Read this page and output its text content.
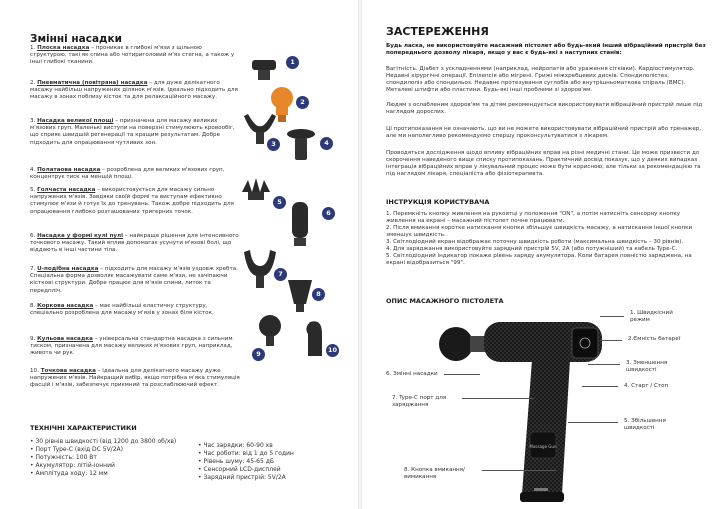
Змінні насадки
1. Плоска насадка – проникає в глибокі м'язи з щільною структурою, такі як спина або чотириголовий м'яз стегна, а також у інші глибокі тканини.
2. Пневматична (повітряна) насадка – для дуже делікатного масажу найбільш напружених ділянок м'язів. Ідеально підходить для масажу в зонах поблизу кісток та для релаксаційного масажу.
3. Насадка великої площі – призначена для масажу великих м'язових груп. Маленькі виступи на поверхні стимулюють кровообіг, що сприяє швидшій регенерації та кращим результатам. Добре підходить для опрацювання чутливих зон.
4. Полатаова насадка – розроблена для великих м'язових груп, концентрує тиск на меншій площі.
5. Голчаста насадка – використовується для масажу сильно напружених м'язів. Завдяки своїй формі та виступам ефективно стимулює м'язи й готує їх до тренувань. Також добре підходить для опрацювання глибоко розташованих тригерних точок.
6. Насадка у формі кулі пулі – найкраще рішення для інтенсивного точкового масажу. Такий вплив допомагає усунути м'язові болі, що віддають в інші частини тіла.
7. U-подібна насадка – підходить для масажу м'язів уздовж хребта. Спеціальна форма дозволяє масажувати саме м'язи, не зачіпаючи кісткові структури. Добре працює для м'язів спини, литок та передпліч.
8. Коркова насадка – має найбільші еластичну структуру, спеціально розроблена для масажу м'язів у зонах біля кісток.
9. Кульова насадка – універсальна стандартна насадка з сильним тиском, призначена для масажу великих м'язових груп, наприклад, живота чи рук.
10. Точкова насадка – ідеальна для делікатного масажу дуже напружених м'язів. Найкращий вибір, якщо потрібна м'яка стимуляція фасцій і м'язів, забезпечує приємний та розслаблюючий ефект.
1
2
3	4
5
6
7
8
9	10
ТЕХНІЧНІ ХАРАКТЕРИСТИКИ
• 30 рівнів швидкості (від 1200 до 3800 об/хв)
• Порт Type-C (вхід DC 5V/2A)
• Потужність: 100 Вт
• Акумулятор: літій-іонний
• Амплітуда ходу: 12 мм
• Час зарядки: 60-90 хв
• Час роботи: від 1 до 5 годин
• Рівень шуму: 45-65 дБ
• Сенсорний LCD-дисплей
• Зарядний пристрій: 5V/2A
ЗАСТЕРЕЖЕННЯ
Будь ласка, не використовуйте масажний пістолет або будь-який інший вібраційний пристрій без попереднього дозволу лікаря, якщо у вас є будь-які з наступних станів:
Вагітність. Діабет з ускладненнями (наприклад, нейропатія або ураження сітківки). Кардіостимулятор. Недавні хірургічні операції. Епілепсія або мігрені. Грижі міжхребцевих дисків. Спондилолістез, спондилоліз або спондильоз. Недавнє протезування суглобів або внутрішньоматкова спіраль (ВМС). Металеві штифти або пластини. Будь-які інші проблеми зі здоров'ям.
Людям з ослабленим здоров'ям та дітям рекомендується використовувати вібраційний пристрій лише під наглядом дорослих.
Ці протипоказання не означають, що ви не можете використовувати вібраційний пристрій або тренажер, але ми наполегливо рекомендуємо спершу проконсультуватися з лікарем.
Проводяться дослідження щодо впливу вібраційних вправ на різні медичні стани. Це може призвести до скорочення наведеного вище списку протипоказань. Практичний досвід показує, що у деяких випадках інтеграція вібраційних вправ у лікувальний процес може бути корисною, але тільки за рекомендацією та під наглядом лікаря, спеціаліста або фізіотерапевта.
ІНСТРУКЦІЯ КОРИСТУВАЧА
1. Перемкніть кнопку живлення на рукоятці у положення "ON", а потім натисніть сенсорну кнопку живлення на екрані – масажний пістолет почне працювати.
2. Після вмикання коротке натискання кнопки збільшує швидкість масажу, а натискання іншої кнопки зменшує швидкість.
3. Світлодіодний екран відображає поточну швидкість роботи (максимальна швидкість – 30 рівнів).
4. Для заряджання використовуйте зарядний пристрій 5V, 2A (або потужніший) та кабель Type-C.
5. Світлодіодний індикатор покаже рівень заряду акумулятора. Коли батарея повністю заряджена, на екрані відобразиться "99".
ОПИС МАСАЖНОГО ПІСТОЛЕТА
Massage Gun
1. Швидкісний режим
2.Ємність батареї
3. Зменшення швидкості
4. Старт / Стоп
5. Збільшення швидкості
6. Змінні насадки
7. Type-C порт для заряджання
8. Кнопка вмикання/вимикання
